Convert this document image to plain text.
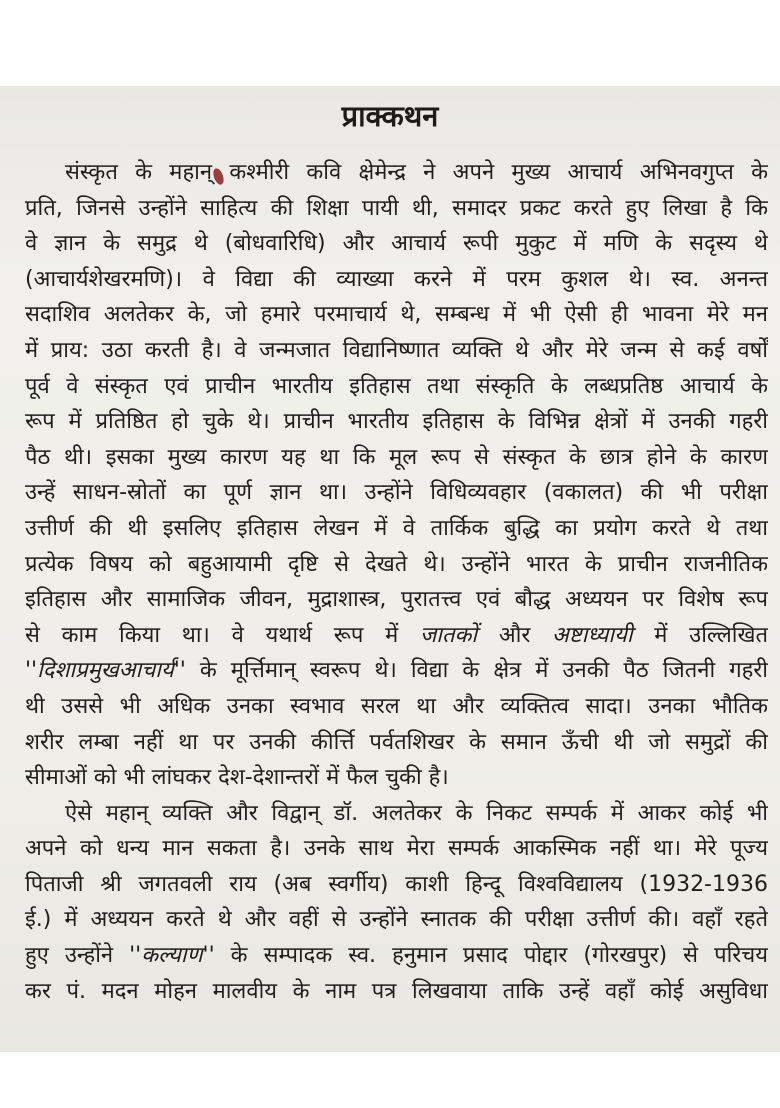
प्राक्कथन
संस्कृत के महान् कश्मीरी कवि क्षेमेन्द्र ने अपने मुख्य आचार्य अभिनवगुप्त के
प्रति, जिनसे उन्होंने साहित्य की शिक्षा पायी थी, समादर प्रकट करते हुए लिखा है कि
वे ज्ञान के समुद्र थे (बोधवारिधि) और आचार्य रूपी मुकुट में मणि के सदृस्य थे
(आचार्यशेखरमणि)। वे विद्या की व्याख्या करने में परम कुशल थे। स्व. अनन्त
सदाशिव अलतेकर के, जो हमारे परमाचार्य थे, सम्बन्ध में भी ऐसी ही भावना मेरे मन
में प्राय: उठा करती है। वे जन्मजात विद्यानिष्णात व्यक्ति थे और मेरे जन्म से कई वर्षों
पूर्व वे संस्कृत एवं प्राचीन भारतीय इतिहास तथा संस्कृति के लब्धप्रतिष्ठ आचार्य के
रूप में प्रतिष्ठित हो चुके थे। प्राचीन भारतीय इतिहास के विभिन्न क्षेत्रों में उनकी गहरी
पैठ थी। इसका मुख्य कारण यह था कि मूल रूप से संस्कृत के छात्र होने के कारण
उन्हें साधन-स्रोतों का पूर्ण ज्ञान था। उन्होंने विधिव्यवहार (वकालत) की भी परीक्षा
उत्तीर्ण की थी इसलिए इतिहास लेखन में वे तार्किक बुद्धि का प्रयोग करते थे तथा
प्रत्येक विषय को बहुआयामी दृष्टि से देखते थे। उन्होंने भारत के प्राचीन राजनीतिक
इतिहास और सामाजिक जीवन, मुद्राशास्त्र, पुरातत्त्व एवं बौद्ध अध्ययन पर विशेष रूप
से काम किया था। वे यथार्थ रूप में जातकों और अष्टाध्यायी में उल्लिखित
''दिशाप्रमुखआचार्य'' के मूर्त्तिमान् स्वरूप थे। विद्या के क्षेत्र में उनकी पैठ जितनी गहरी
थी उससे भी अधिक उनका स्वभाव सरल था और व्यक्तित्व सादा। उनका भौतिक
शरीर लम्बा नहीं था पर उनकी कीर्त्ति पर्वतशिखर के समान ऊँची थी जो समुद्रों की
सीमाओं को भी लांघकर देश-देशान्तरों में फैल चुकी है।
ऐसे महान् व्यक्ति और विद्वान् डॉ. अलतेकर के निकट सम्पर्क में आकर कोई भी
अपने को धन्य मान सकता है। उनके साथ मेरा सम्पर्क आकस्मिक नहीं था। मेरे पूज्य
पिताजी श्री जगतवली राय (अब स्वर्गीय) काशी हिन्दू विश्वविद्यालय (1932-1936
ई.) में अध्ययन करते थे और वहीं से उन्होंने स्नातक की परीक्षा उत्तीर्ण की। वहाँ रहते
हुए उन्होंने ''कल्याण'' के सम्पादक स्व. हनुमान प्रसाद पोद्दार (गोरखपुर) से परिचय
कर पं. मदन मोहन मालवीय के नाम पत्र लिखवाया ताकि उन्हें वहाँ कोई असुविधा
